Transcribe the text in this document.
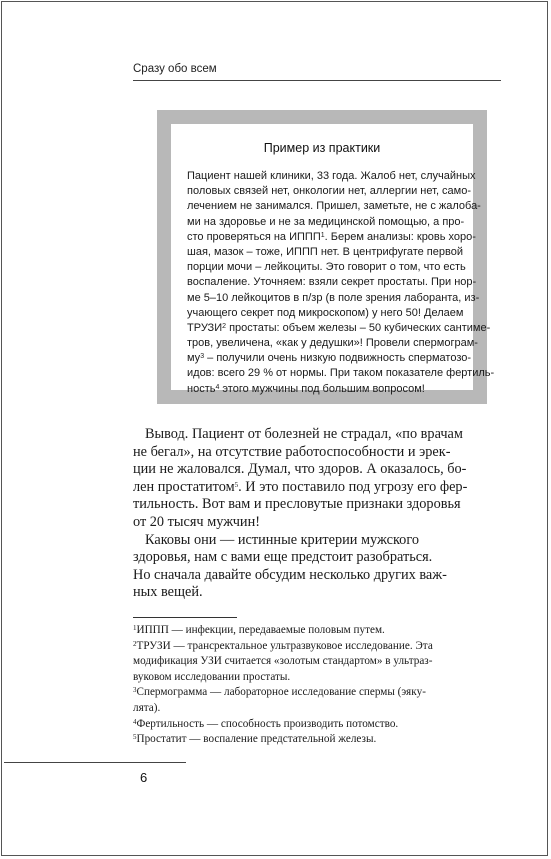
Сразу обо всем
Пример из практики
Пациент нашей клиники, 33 года. Жалоб нет, случайных
половых связей нет, онкологии нет, аллергии нет, само-
лечением не занимался. Пришел, заметьте, не с жалоба-
ми на здоровье и не за медицинской помощью, а про-
сто проверяться на ИППП$^1$. Берем анализы: кровь хоро-
шая, мазок – тоже, ИППП нет. В центрифугате первой
порции мочи – лейкоциты. Это говорит о том, что есть
воспаление. Уточняем: взяли секрет простаты. При нор-
ме 5–10 лейкоцитов в п/зр (в поле зрения лаборанта, из-
учающего секрет под микроскопом) у него 50! Делаем
ТРУЗИ$^2$ простаты: объем железы – 50 кубических сантиме-
тров, увеличена, «как у дедушки»! Провели спермограм-
$му^3$ – получили очень низкую подвижность сперматозо-
идов: всего 29 % от нормы. При таком показателе фертиль-
ность$^4$ этого мужчины под большим вопросом!
Вывод. Пациент от болезней не страдал, «по врачам
не бегал», на отсутствие работоспособности и эрек-
ции не жаловался. Думал, что здоров. А оказалось, бо-
лен простатитом$^5$. И это поставило под угрозу его фер-
тильность. Вот вам и пресловутые признаки здоровья
от 20 тысяч мужчин!
Каковы они — истинные критерии мужского
здоровья, нам с вами еще предстоит разобраться.
Но сначала давайте обсудим несколько других важ-
ных вещей.
$^1$ИППП — инфекции, передаваемые половым путем.
$^2$ТРУЗИ — трансректальное ультразвуковое исследование. Эта
модификация УЗИ считается «золотым стандартом» в ультраз-
вуковом исследовании простаты.
$^3$Спермограмма — лабораторное исследование спермы (эякy-
лята).
$^4$Фертильность — способность производить потомство.
$^5$Простатит — воспаление предстательной железы.
6
